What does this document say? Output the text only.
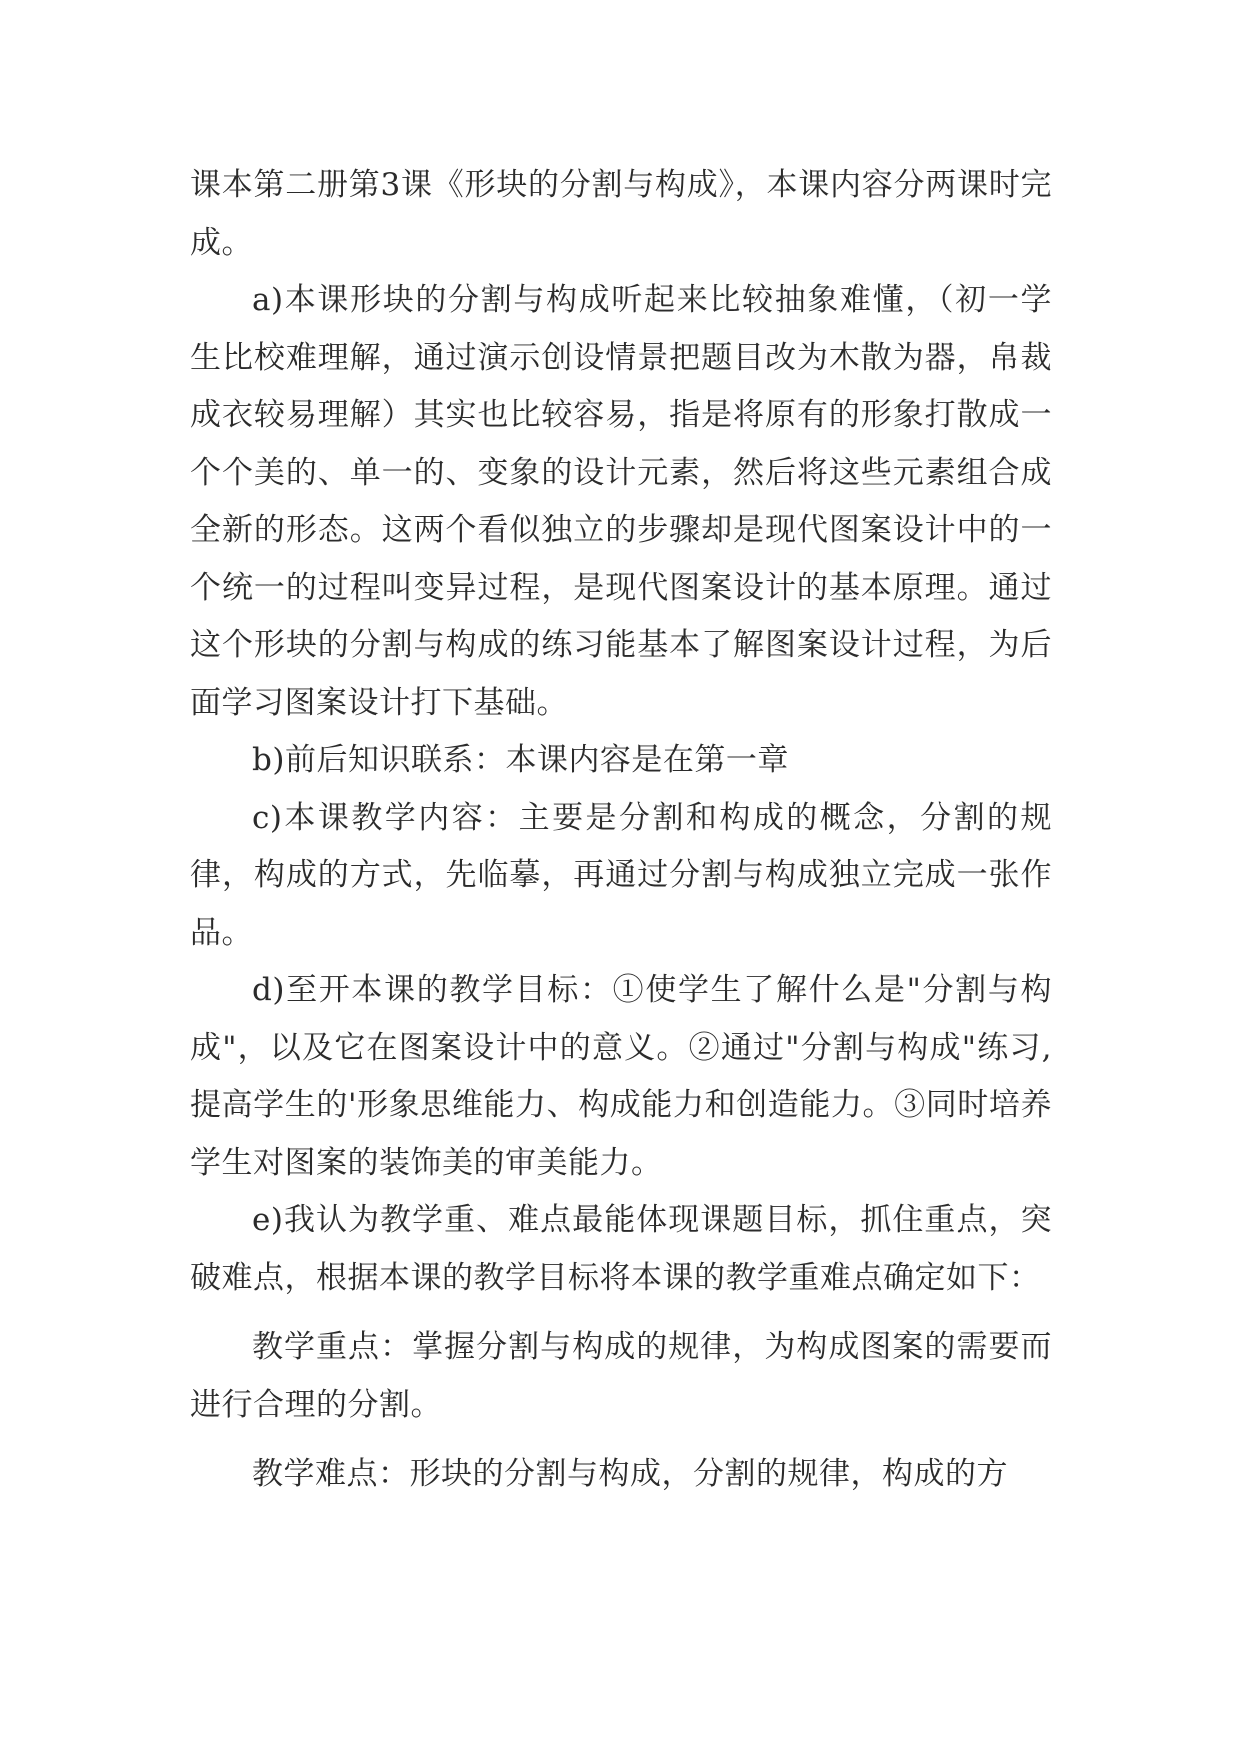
课本第二册第3课《形块的分割与构成》，本课内容分两课时完成。

a)本课形块的分割与构成听起来比较抽象难懂，（初一学生比校难理解，通过演示创设情景把题目改为木散为器，帛裁成衣较易理解）其实也比较容易，指是将原有的形象打散成一个个美的、单一的、变象的设计元素，然后将这些元素组合成全新的形态。这两个看似独立的步骤却是现代图案设计中的一个统一的过程叫变异过程，是现代图案设计的基本原理。通过这个形块的分割与构成的练习能基本了解图案设计过程，为后面学习图案设计打下基础。

b)前后知识联系：本课内容是在第一章

c)本课教学内容：主要是分割和构成的概念，分割的规律，构成的方式，先临摹，再通过分割与构成独立完成一张作品。

d)至开本课的教学目标：①使学生了解什么是"分割与构成"，以及它在图案设计中的意义。②通过"分割与构成"练习,提高学生的'形象思维能力、构成能力和创造能力。③同时培养学生对图案的装饰美的审美能力。

e)我认为教学重、难点最能体现课题目标，抓住重点，突破难点，根据本课的教学目标将本课的教学重难点确定如下：

教学重点：掌握分割与构成的规律，为构成图案的需要而进行合理的分割。

教学难点：形块的分割与构成，分割的规律，构成的方
